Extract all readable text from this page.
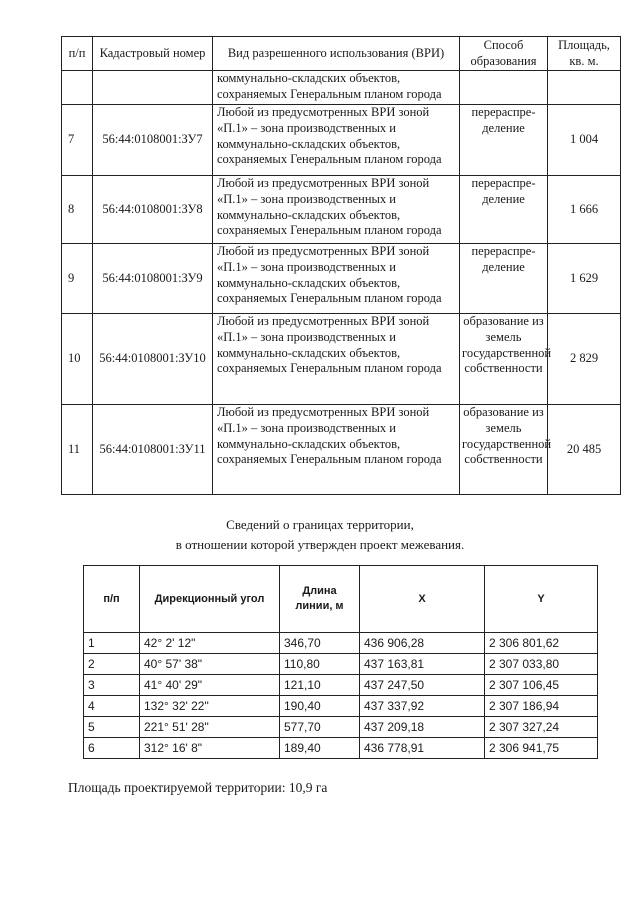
п/п	Кадастровый номер	Вид разрешенного использования (ВРИ)	Способ образования	Площадь, кв. м.
		коммунально-складских объектов, сохраняемых Генеральным планом города		
7	56:44:0108001:ЗУ7	Любой из предусмотренных ВРИ зоной «П.1» – зона производственных и коммунально-складских объектов, сохраняемых Генеральным планом города	перераспре-деление	1 004
8	56:44:0108001:ЗУ8	Любой из предусмотренных ВРИ зоной «П.1» – зона производственных и коммунально-складских объектов, сохраняемых Генеральным планом города	перераспре-деление	1 666
9	56:44:0108001:ЗУ9	Любой из предусмотренных ВРИ зоной «П.1» – зона производственных и коммунально-складских объектов, сохраняемых Генеральным планом города	перераспре-деление	1 629
10	56:44:0108001:ЗУ10	Любой из предусмотренных ВРИ зоной «П.1» – зона производственных и коммунально-складских объектов, сохраняемых Генеральным планом города	образование из земель государственной собственности	2 829
11	56:44:0108001:ЗУ11	Любой из предусмотренных ВРИ зоной «П.1» – зона производственных и коммунально-складских объектов, сохраняемых Генеральным планом города	образование из земель государственной собственности	20 485
Сведений о границах территории,
в отношении которой утвержден проект межевания.
п/п	Дирекционный угол	Длина линии, м	X	Y
1	42° 2' 12"	346,70	436 906,28	2 306 801,62
2	40° 57' 38"	110,80	437 163,81	2 307 033,80
3	41° 40' 29"	121,10	437 247,50	2 307 106,45
4	132° 32' 22"	190,40	437 337,92	2 307 186,94
5	221° 51' 28"	577,70	437 209,18	2 307 327,24
6	312° 16' 8"	189,40	436 778,91	2 306 941,75
Площадь проектируемой территории: 10,9 га
